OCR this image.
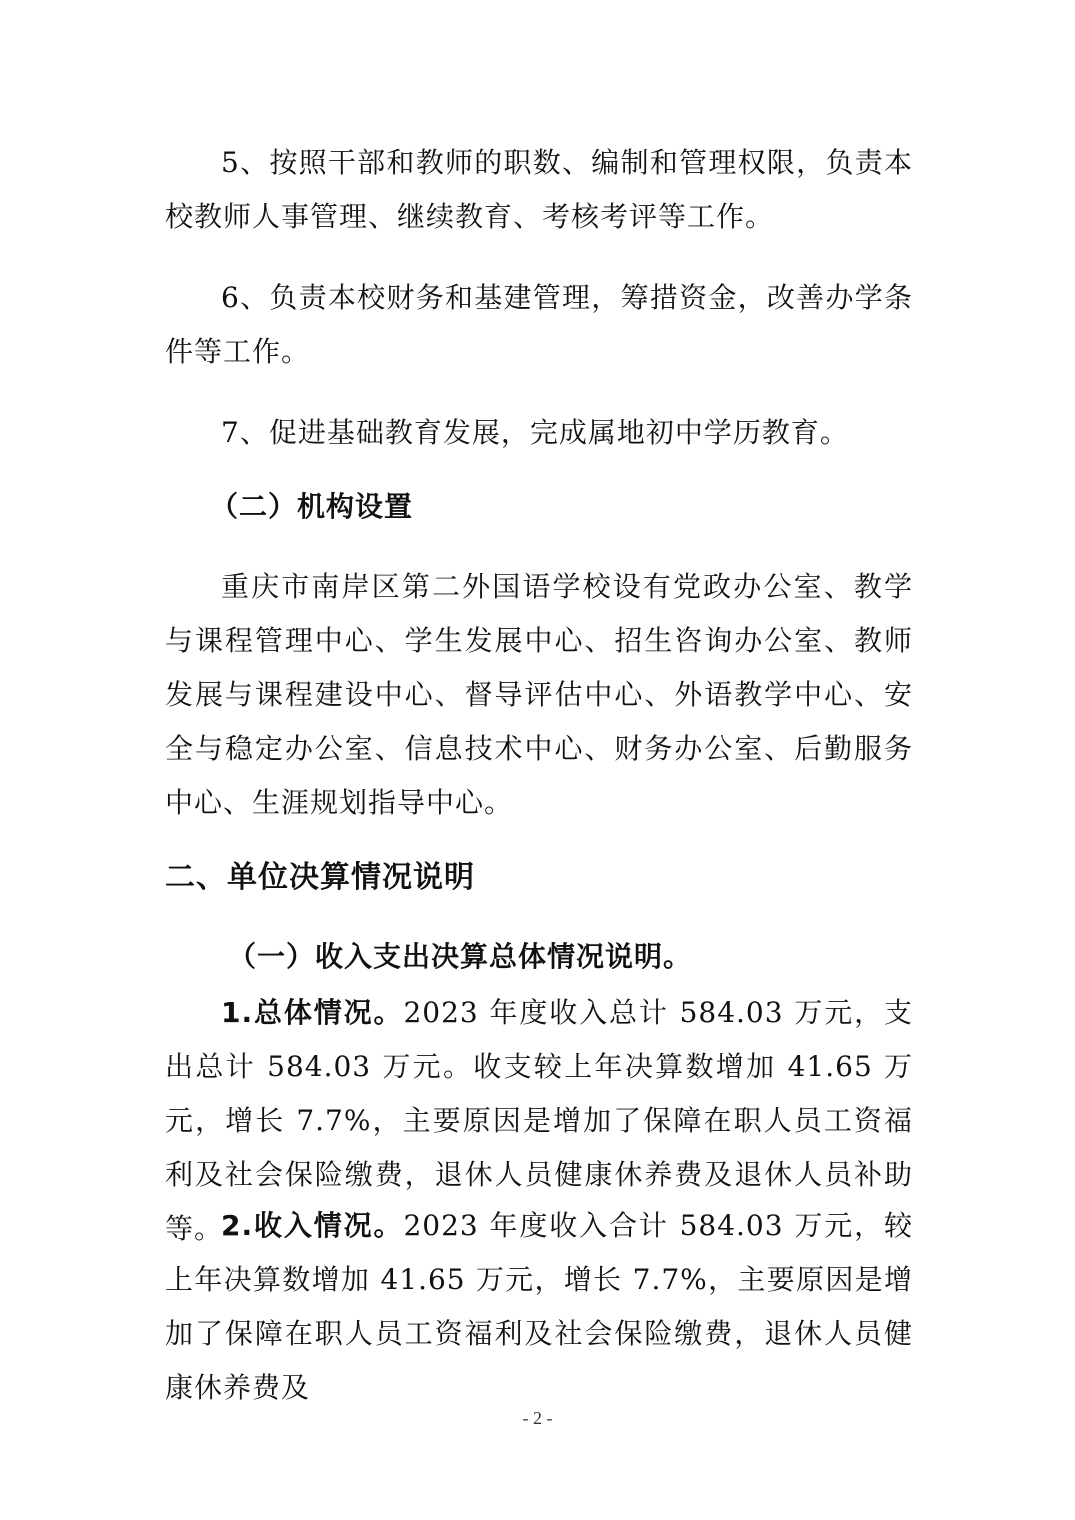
5、按照干部和教师的职数、编制和管理权限，负责本校教师人事管理、继续教育、考核考评等工作。
6、负责本校财务和基建管理，筹措资金，改善办学条件等工作。
7、促进基础教育发展，完成属地初中学历教育。
（二）机构设置
重庆市南岸区第二外国语学校设有党政办公室、教学与课程管理中心、学生发展中心、招生咨询办公室、教师发展与课程建设中心、督导评估中心、外语教学中心、安全与稳定办公室、信息技术中心、财务办公室、后勤服务中心、生涯规划指导中心。
二、单位决算情况说明
（一）收入支出决算总体情况说明。
1.总体情况。2023 年度收入总计 584.03 万元，支出总计 584.03 万元。收支较上年决算数增加 41.65 万元，增长 7.7%，主要原因是增加了保障在职人员工资福利及社会保险缴费，退休人员健康休养费及退休人员补助等。
2.收入情况。2023 年度收入合计 584.03 万元，较上年决算数增加 41.65 万元，增长 7.7%，主要原因是增加了保障在职人员工资福利及社会保险缴费，退休人员健康休养费及
- 2 -
